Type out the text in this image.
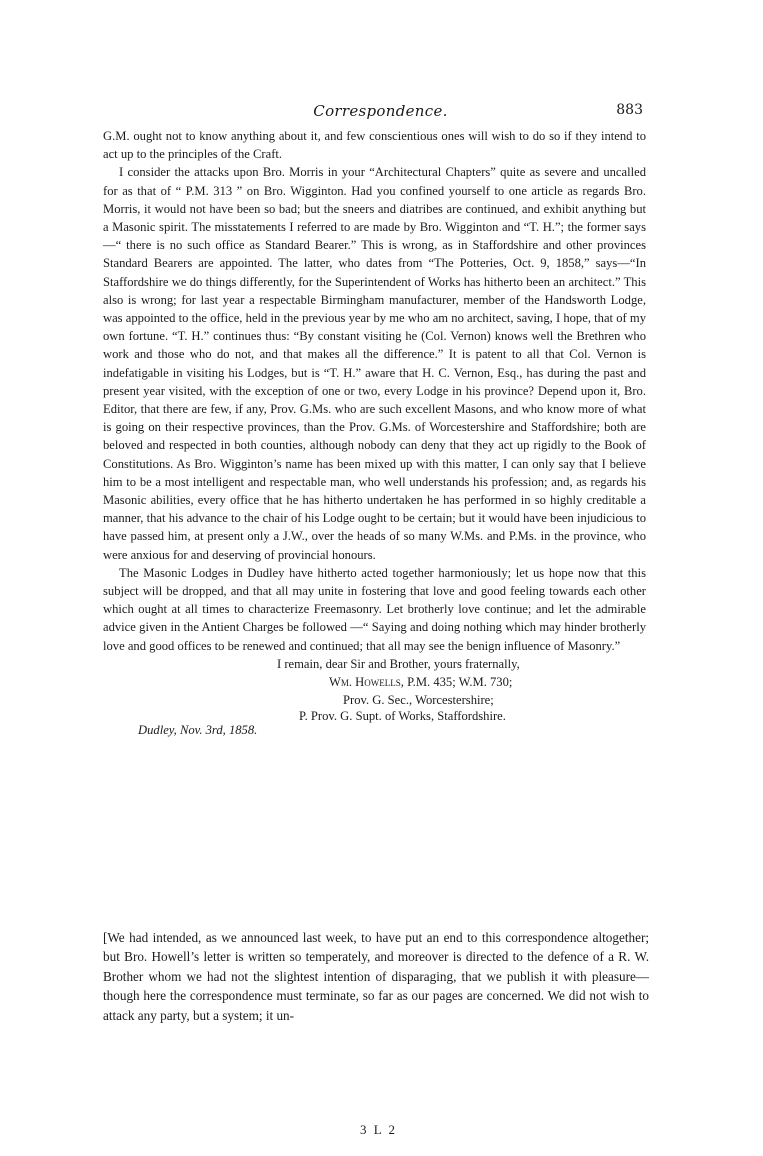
Correspondence.	883

G.M. ought not to know anything about it, and few conscientious ones will wish to do so if they intend to act up to the principles of the Craft.

I consider the attacks upon Bro. Morris in your “Architectural Chapters” quite as severe and uncalled for as that of “ P.M. 313 ” on Bro. Wigginton. Had you confined yourself to one article as regards Bro. Morris, it would not have been so bad; but the sneers and diatribes are continued, and exhibit anything but a Masonic spirit. The misstatements I referred to are made by Bro. Wigginton and “T. H.”; the former says—“ there is no such office as Standard Bearer.” This is wrong, as in Staffordshire and other provinces Standard Bearers are appointed. The latter, who dates from “The Potteries, Oct. 9, 1858,” says—“In Staffordshire we do things differently, for the Superintendent of Works has hitherto been an architect.” This also is wrong; for last year a respectable Birmingham manufacturer, member of the Handsworth Lodge, was appointed to the office, held in the previous year by me who am no architect, saving, I hope, that of my own fortune. “T. H.” continues thus: “By constant visiting he (Col. Vernon) knows well the Brethren who work and those who do not, and that makes all the difference.” It is patent to all that Col. Vernon is indefatigable in visiting his Lodges, but is “T. H.” aware that H. C. Vernon, Esq., has during the past and present year visited, with the exception of one or two, every Lodge in his province? Depend upon it, Bro. Editor, that there are few, if any, Prov. G.Ms. who are such excellent Masons, and who know more of what is going on their respective provinces, than the Prov. G.Ms. of Worcestershire and Staffordshire; both are beloved and respected in both counties, although nobody can deny that they act up rigidly to the Book of Constitutions. As Bro. Wigginton’s name has been mixed up with this matter, I can only say that I believe him to be a most intelligent and respectable man, who well understands his profession; and, as regards his Masonic abilities, every office that he has hitherto undertaken he has performed in so highly creditable a manner, that his advance to the chair of his Lodge ought to be certain; but it would have been injudicious to have passed him, at present only a J.W., over the heads of so many W.Ms. and P.Ms. in the province, who were anxious for and deserving of provincial honours.

The Masonic Lodges in Dudley have hitherto acted together harmoniously; let us hope now that this subject will be dropped, and that all may unite in fostering that love and good feeling towards each other which ought at all times to characterize Freemasonry. Let brotherly love continue; and let the admirable advice given in the Antient Charges be followed —“ Saying and doing nothing which may hinder brotherly love and good offices to be renewed and continued; that all may see the benign influence of Masonry.”

I remain, dear Sir and Brother, yours fraternally,
Wm. Howells, P.M. 435; W.M. 730;
Prov. G. Sec., Worcestershire;
P. Prov. G. Supt. of Works, Staffordshire.
Dudley, Nov. 3rd, 1858.

[We had intended, as we announced last week, to have put an end to this correspondence altogether; but Bro. Howell’s letter is written so temperately, and moreover is directed to the defence of a R. W. Brother whom we had not the slightest intention of disparaging, that we publish it with pleasure—though here the correspondence must terminate, so far as our pages are concerned. We did not wish to attack any party, but a system; it un-

3 L 2
